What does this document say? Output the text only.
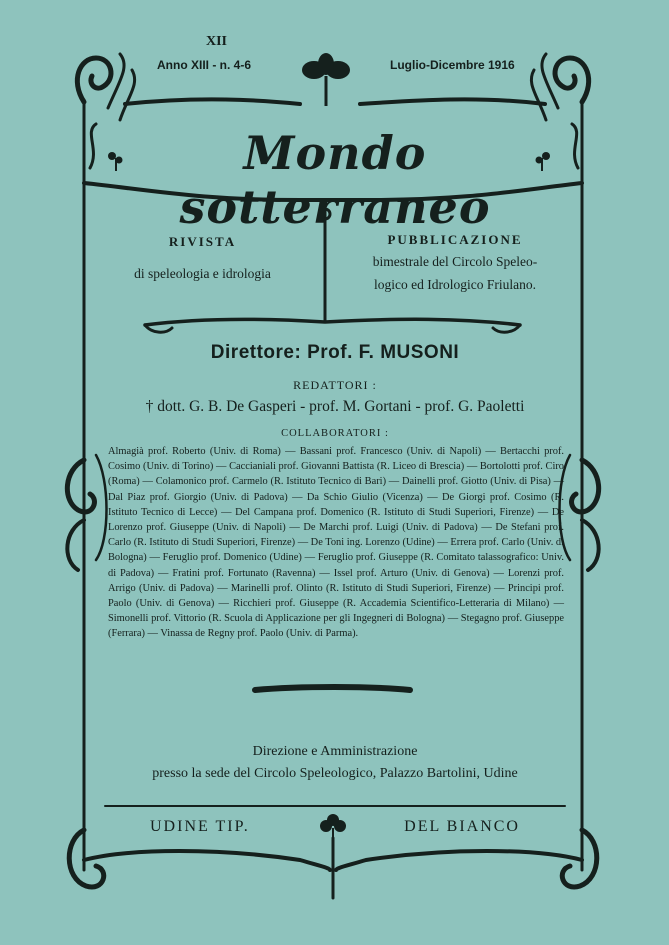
XII
Anno XIII - n. 4-6	Luglio-Dicembre 1916
Mondo sotterraneo
RIVISTA
di speleologia e idrologia
PUBBLICAZIONE
bimestrale del Circolo Speleo-
logico ed Idrologico Friulano.
Direttore: Prof. F. MUSONI
REDATTORI :
† dott. G. B. De Gasperi - prof. M. Gortani - prof. G. Paoletti
COLLABORATORI :
Almagià prof. Roberto (Univ. di Roma) — Bassani prof. Francesco (Univ. di Napoli) — Bertacchi prof. Cosimo (Univ. di Torino) — Caccianiali prof. Giovanni Battista (R. Liceo di Brescia) — Bortolotti prof. Ciro (Roma) — Colamonico prof. Carmelo (R. Istituto Tecnico di Bari) — Dainelli prof. Giotto (Univ. di Pisa) — Dal Piaz prof. Giorgio (Univ. di Padova) — Da Schio Giulio (Vicenza) — De Giorgi prof. Cosimo (R. Istituto Tecnico di Lecce) — Del Campana prof. Domenico (R. Istituto di Studi Superiori, Firenze) — De Lorenzo prof. Giuseppe (Univ. di Napoli) — De Marchi prof. Luigi (Univ. di Padova) — De Stefani prof. Carlo (R. Istituto di Studi Superiori, Firenze) — De Toni ing. Lorenzo (Udine) — Errera prof. Carlo (Univ. di Bologna) — Feruglio prof. Domenico (Udine) — Feruglio prof. Giuseppe (R. Comitato talassografico: Univ. di Padova) — Fratini prof. Fortunato (Ravenna) — Issel prof. Arturo (Univ. di Genova) — Lorenzi prof. Arrigo (Univ. di Padova) — Marinelli prof. Olinto (R. Istituto di Studi Superiori, Firenze) — Principi prof. Paolo (Univ. di Genova) — Ricchieri prof. Giuseppe (R. Accademia Scientifico-Letteraria di Milano) — Simonelli prof. Vittorio (R. Scuola di Applicazione per gli Ingegneri di Bologna) — Stegagno prof. Giuseppe (Ferrara) — Vinassa de Regny prof. Paolo (Univ. di Parma).
Direzione e Amministrazione
presso la sede del Circolo Speleologico, Palazzo Bartolini, Udine
UDINE TIP.	DEL BIANCO
